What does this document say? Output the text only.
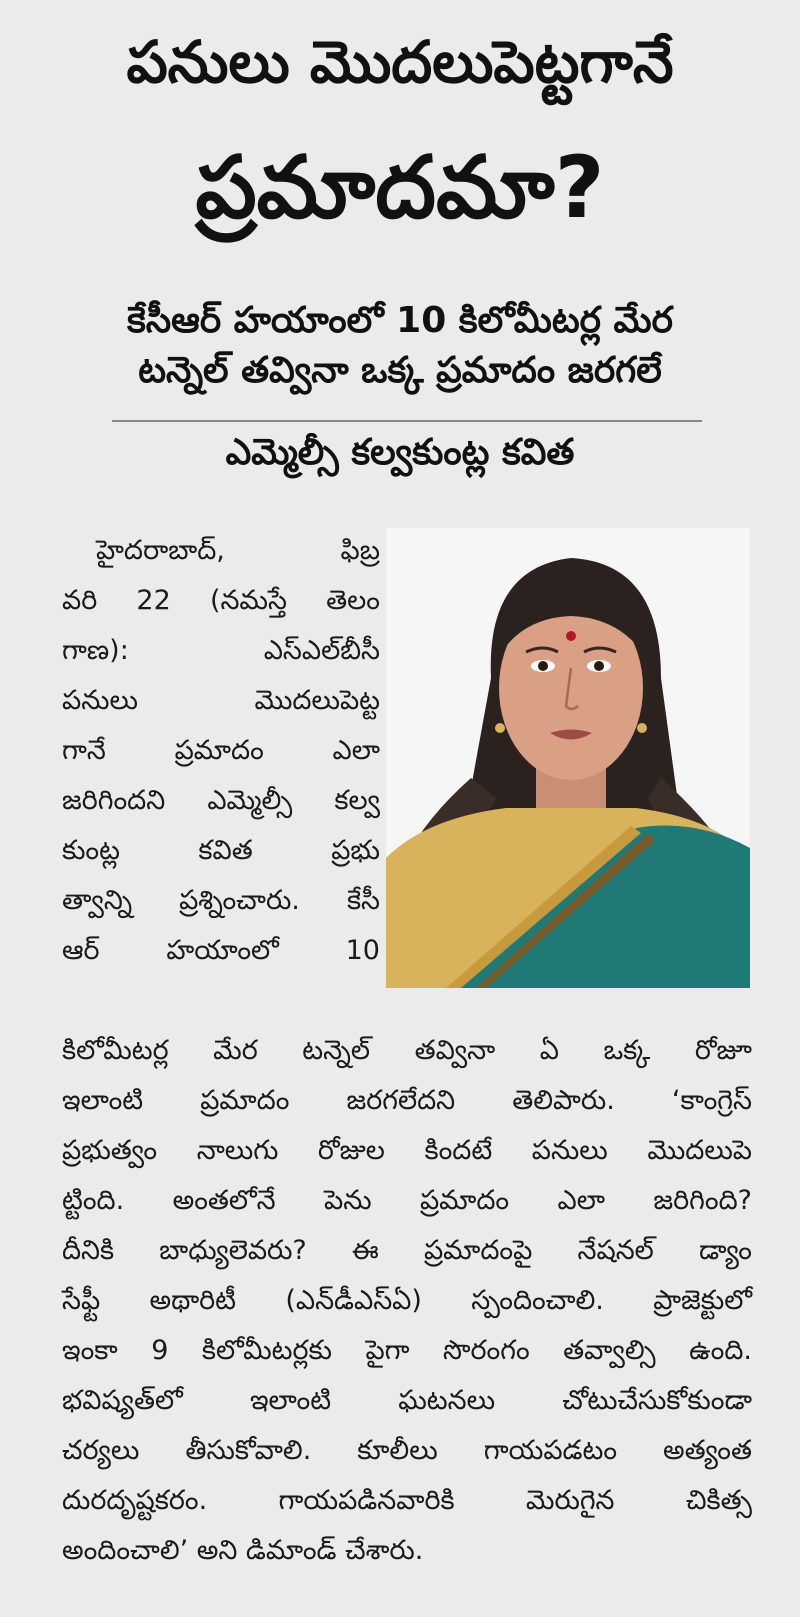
పనులు మొదలుపెట్టగానే
ప్రమాదమా?
కేసీఆర్ హయాంలో 10 కిలోమీటర్ల మేర
టన్నెల్ తవ్వినా ఒక్క ప్రమాదం జరగలే
ఎమ్మెల్సీ కల్వకుంట్ల కవిత
హైదరాబాద్, ఫిబ్ర
వరి 22 (నమస్తే తెలం
గాణ): ఎస్ఎల్‌బీసీ
పనులు మొదలుపెట్ట
గానే ప్రమాదం ఎలా
జరిగిందని ఎమ్మెల్సీ కల్వ
కుంట్ల కవిత ప్రభు
త్వాన్ని ప్రశ్నించారు. కేసీ
ఆర్ హయాంలో 10
కిలోమీటర్ల మేర టన్నెల్ తవ్వినా ఏ ఒక్క రోజూ
ఇలాంటి ప్రమాదం జరగలేదని తెలిపారు. ‘కాంగ్రెస్
ప్రభుత్వం నాలుగు రోజుల కిందటే పనులు మొదలుపె
ట్టింది. అంతలోనే పెను ప్రమాదం ఎలా జరిగింది?
దీనికి బాధ్యులెవరు? ఈ ప్రమాదంపై నేషనల్ డ్యాం
సేఫ్టీ అథారిటీ (ఎన్‌డీఎస్‌ఏ) స్పందించాలి. ప్రాజెక్టులో
ఇంకా 9 కిలోమీటర్లకు పైగా సొరంగం తవ్వాల్సి ఉంది.
భవిష్యత్‌లో ఇలాంటి ఘటనలు చోటుచేసుకోకుండా
చర్యలు తీసుకోవాలి. కూలీలు గాయపడటం అత్యంత
దురదృష్టకరం. గాయపడినవారికి మెరుగైన చికిత్స
అందించాలి’ అని డిమాండ్ చేశారు.
